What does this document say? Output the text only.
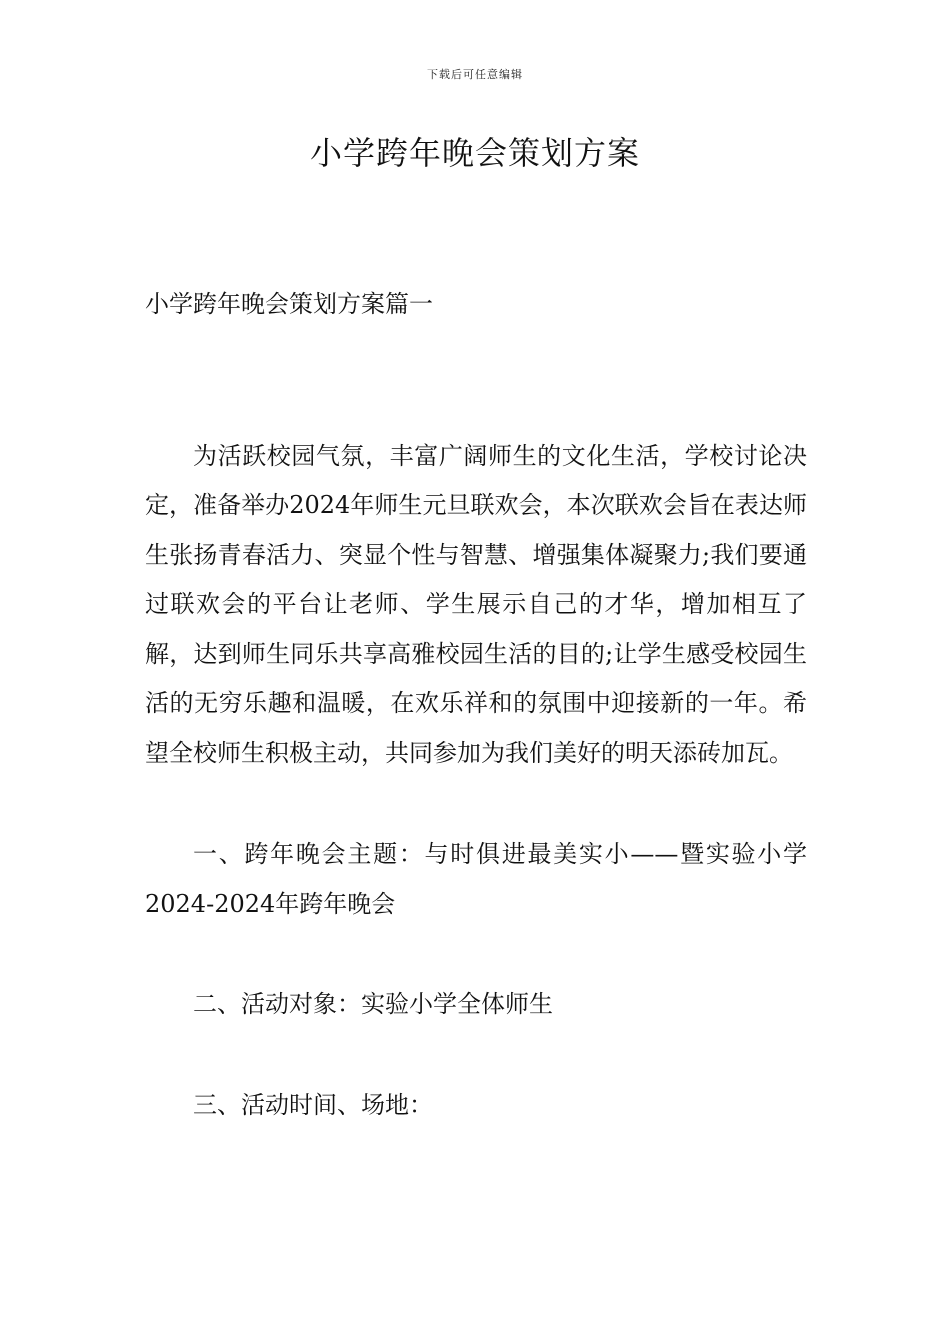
下载后可任意编辑
小学跨年晚会策划方案
小学跨年晚会策划方案篇一

为活跃校园气氛，丰富广阔师生的文化生活，学校讨论决定，准备举办2024年师生元旦联欢会，本次联欢会旨在表达师生张扬青春活力、突显个性与智慧、增强集体凝聚力;我们要通过联欢会的平台让老师、学生展示自己的才华，增加相互了解，达到师生同乐共享高雅校园生活的目的;让学生感受校园生活的无穷乐趣和温暖，在欢乐祥和的氛围中迎接新的一年。希望全校师生积极主动，共同参加为我们美好的明天添砖加瓦。

一、跨年晚会主题：与时俱进最美实小——暨实验小学2024-2024年跨年晚会

二、活动对象：实验小学全体师生

三、活动时间、场地：
